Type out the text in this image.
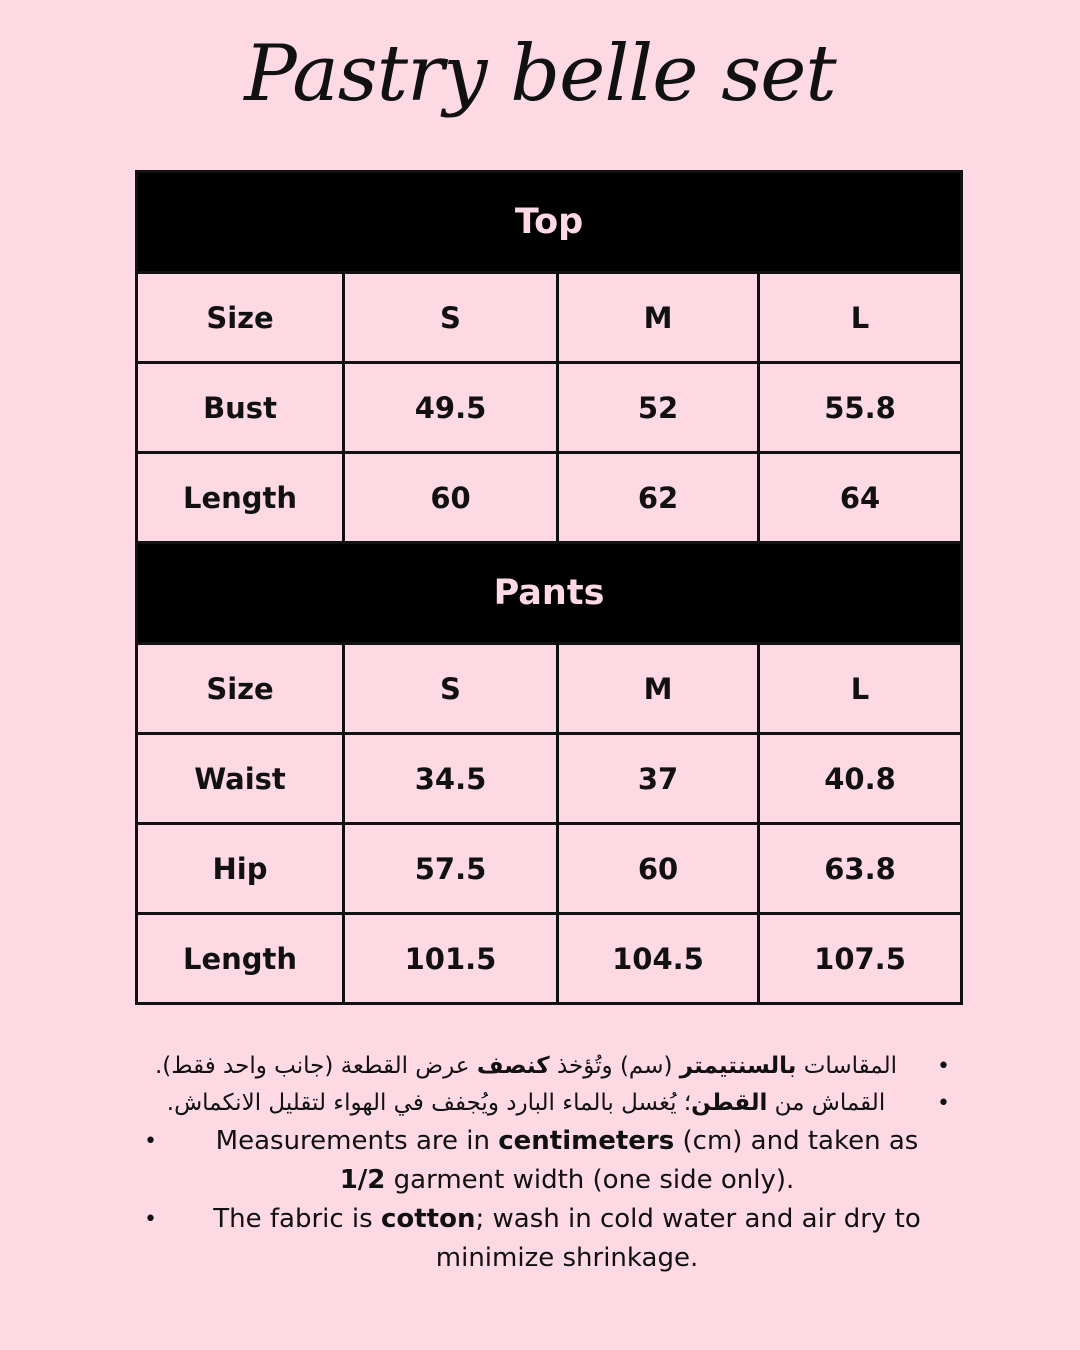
Pastry belle set
Top			
Size	S	M	L
Bust	49.5	52	55.8
Length	60	62	64
Pants			
Size	S	M	L
Waist	34.5	37	40.8
Hip	57.5	60	63.8
Length	101.5	104.5	107.5
•
المقاسات بالسنتيمتر (سم) وتُؤخذ كنصف عرض القطعة (جانب واحد فقط).
•
القماش من القطن؛ يُغسل بالماء البارد ويُجفف في الهواء لتقليل الانكماش.
• Measurements are in centimeters (cm) and taken as 1/2 garment width (one side only).
• The fabric is cotton; wash in cold water and air dry to minimize shrinkage.
